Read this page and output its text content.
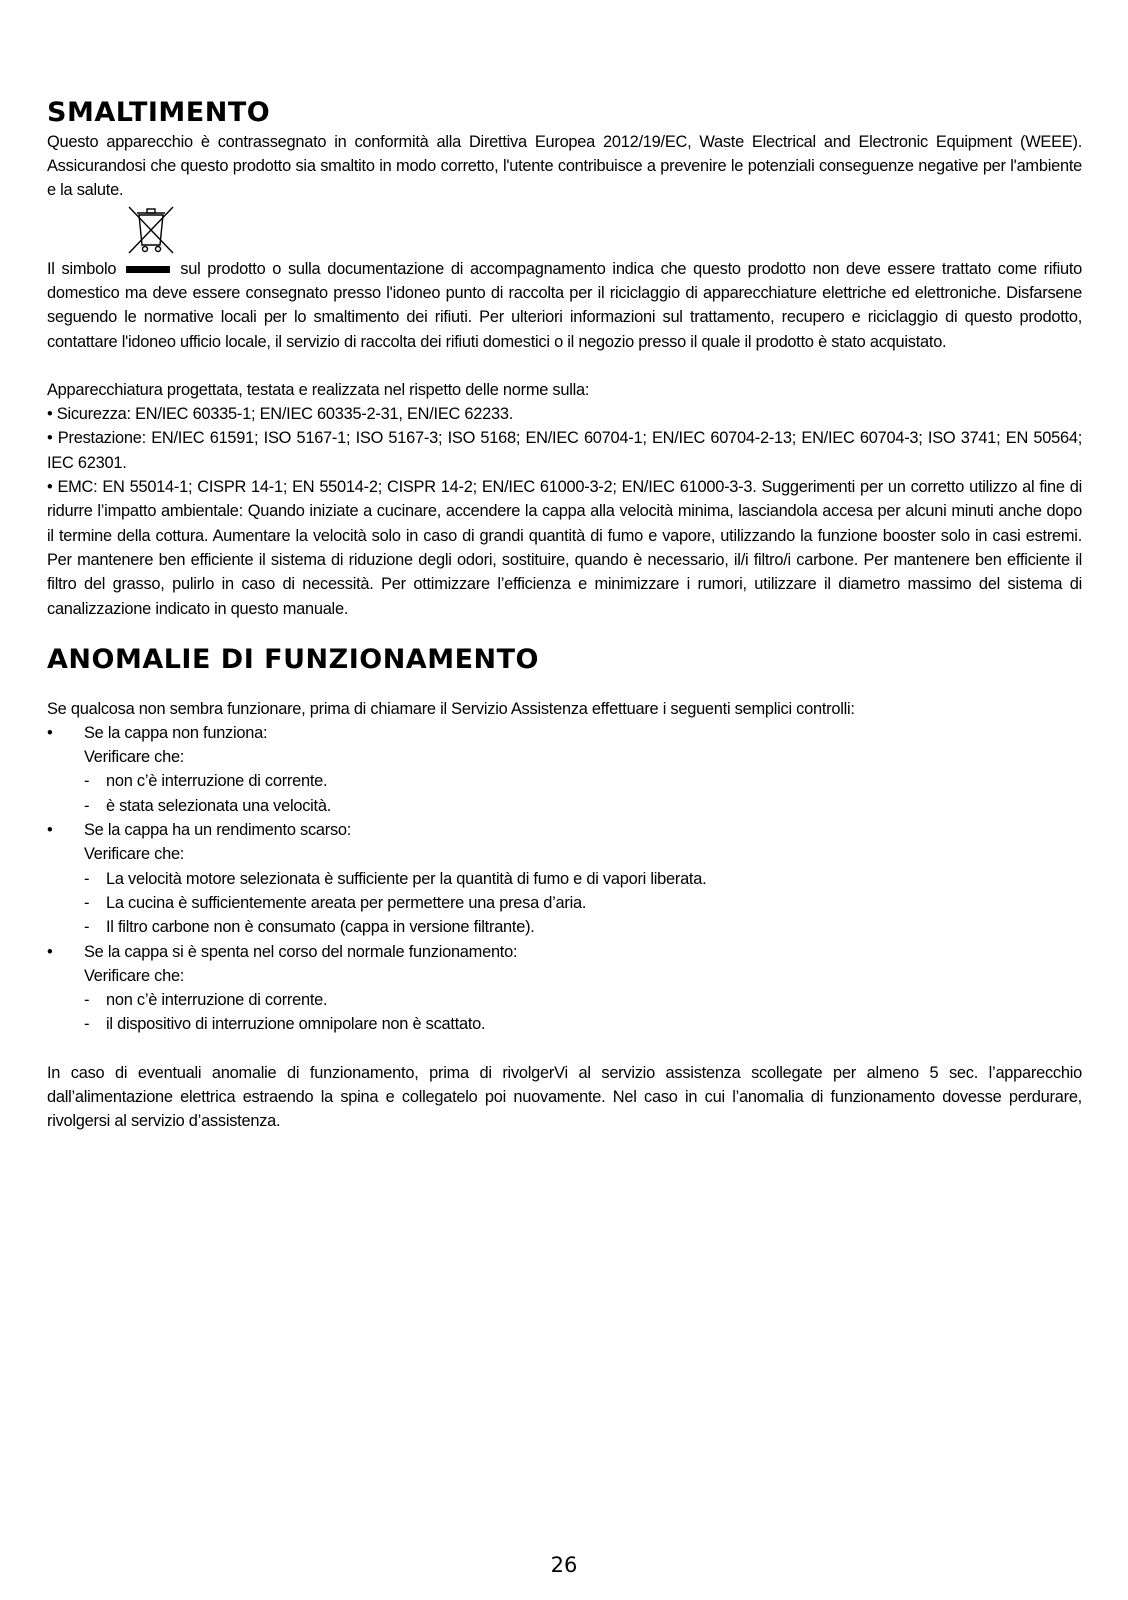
SMALTIMENTO

Questo apparecchio è contrassegnato in conformità alla Direttiva Europea 2012/19/EC, Waste Electrical and Electronic Equipment (WEEE). Assicurandosi che questo prodotto sia smaltito in modo corretto, l'utente contribuisce a prevenire le potenziali conseguenze negative per l'ambiente e la salute.

Il simbolo	sul prodotto o sulla documentazione di accompagnamento indica che questo prodotto non deve essere trattato come rifiuto domestico ma deve essere consegnato presso l'idoneo punto di raccolta per il riciclaggio di apparecchiature elettriche ed elettroniche. Disfarsene seguendo le normative locali per lo smaltimento dei rifiuti. Per ulteriori informazioni sul trattamento, recupero e riciclaggio di questo prodotto, contattare l'idoneo ufficio locale, il servizio di raccolta dei rifiuti domestici o il negozio presso il quale il prodotto è stato acquistato.

Apparecchiatura progettata, testata e realizzata nel rispetto delle norme sulla:

• Sicurezza: EN/IEC 60335-1; EN/IEC 60335-2-31, EN/IEC 62233.

• Prestazione: EN/IEC 61591; ISO 5167-1; ISO 5167-3; ISO 5168; EN/IEC 60704-1; EN/IEC 60704-2-13; EN/IEC 60704-3; ISO 3741; EN 50564; IEC 62301.

• EMC: EN 55014-1; CISPR 14-1; EN 55014-2; CISPR 14-2; EN/IEC 61000-3-2; EN/IEC 61000-3-3. Suggerimenti per un corretto utilizzo al fine di ridurre l’impatto ambientale: Quando iniziate a cucinare, accendere la cappa alla velocità minima, lasciandola accesa per alcuni minuti anche dopo il termine della cottura. Aumentare la velocità solo in caso di grandi quantità di fumo e vapore, utilizzando la funzione booster solo in casi estremi. Per mantenere ben efficiente il sistema di riduzione degli odori, sostituire, quando è necessario, il/i filtro/i carbone. Per mantenere ben efficiente il filtro del grasso, pulirlo in caso di necessità. Per ottimizzare l’efficienza e minimizzare i rumori, utilizzare il diametro massimo del sistema di canalizzazione indicato in questo manuale.

ANOMALIE DI FUNZIONAMENTO

Se qualcosa non sembra funzionare, prima di chiamare il Servizio Assistenza effettuare i seguenti semplici controlli:

• Se la cappa non funziona:
Verificare che:
- non c’è interruzione di corrente.
- è stata selezionata una velocità.
• Se la cappa ha un rendimento scarso:
Verificare che:
- La velocità motore selezionata è sufficiente per la quantità di fumo e di vapori liberata.
- La cucina è sufficientemente areata per permettere una presa d’aria.
- Il filtro carbone non è consumato (cappa in versione filtrante).
• Se la cappa si è spenta nel corso del normale funzionamento:
Verificare che:
- non c’è interruzione di corrente.
- il dispositivo di interruzione omnipolare non è scattato.

In caso di eventuali anomalie di funzionamento, prima di rivolgerVi al servizio assistenza scollegate per almeno 5 sec. l’apparecchio dall’alimentazione elettrica estraendo la spina e collegatelo poi nuovamente. Nel caso in cui l’anomalia di funzionamento dovesse perdurare, rivolgersi al servizio d’assistenza.

26
